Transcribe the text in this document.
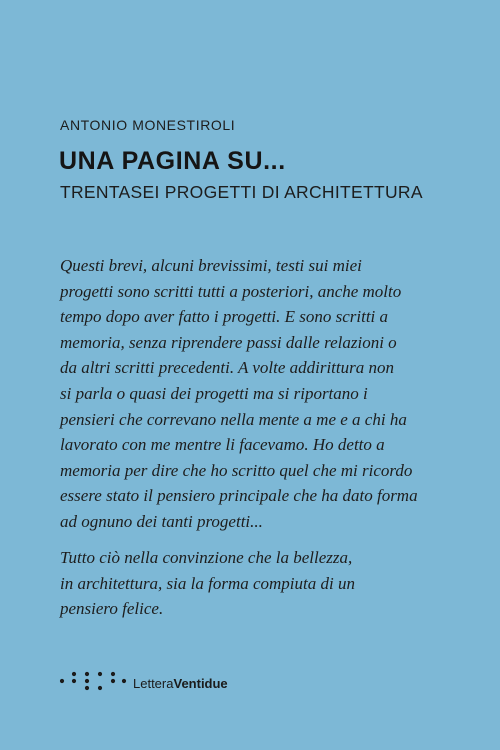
ANTONIO MONESTIROLI
UNA PAGINA SU...
TRENTASEI PROGETTI DI ARCHITETTURA

Questi brevi, alcuni brevissimi, testi sui miei
progetti sono scritti tutti a posteriori, anche molto
tempo dopo aver fatto i progetti. E sono scritti a
memoria, senza riprendere passi dalle relazioni o
da altri scritti precedenti. A volte addirittura non
si parla o quasi dei progetti ma si riportano i
pensieri che correvano nella mente a me e a chi ha
lavorato con me mentre li facevamo. Ho detto a
memoria per dire che ho scritto quel che mi ricordo
essere stato il pensiero principale che ha dato forma
ad ognuno dei tanti progetti...

Tutto ciò nella convinzione che la bellezza,
in architettura, sia la forma compiuta di un
pensiero felice.

LetteraVentidue
